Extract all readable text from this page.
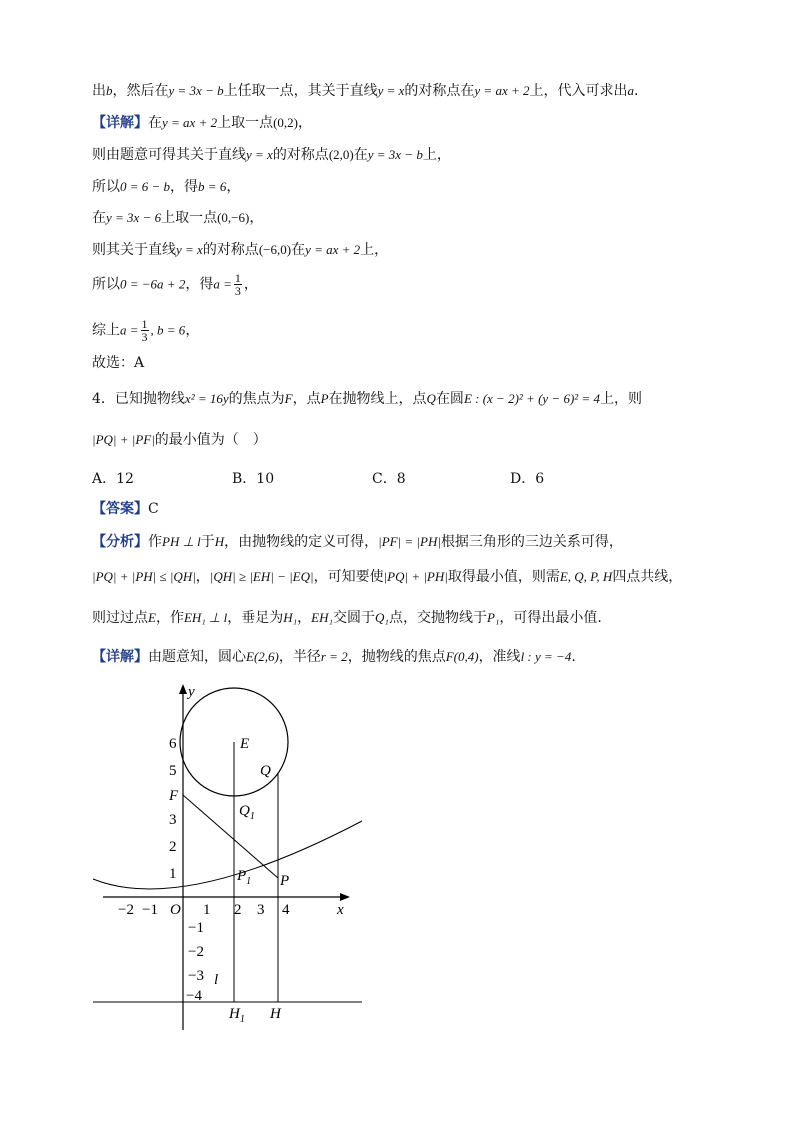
出b，然后在y = 3x − b上任取一点，其关于直线y = x的对称点在y = ax + 2上，代入可求出a.
【详解】在y = ax + 2上取一点(0,2)，
则由题意可得其关于直线y = x的对称点(2,0)在y = 3x − b上，
所以0 = 6 − b，得b = 6，
在y = 3x − 6上取一点(0,−6)，
则其关于直线y = x的对称点(−6,0)在y = ax + 2上，
所以0 = −6a + 2，得$a = \frac{1}{3}$ ，
综上$a = \frac{1}{3}$ , b = 6，
故选：A
4．已知抛物线x² = 16y的焦点为F，点P在抛物线上，点Q在圆E : (x − 2)² + (y − 6)² = 4上，则
|PQ| + |PF|的最小值为（　）
A．12	B．10	C．8	D．6
【答案】C
【分析】作PH ⊥ l于H，由抛物线的定义可得，|PF| = |PH|根据三角形的三边关系可得，
|PQ| + |PH| ≤ |QH|，|QH| ≥ |EH| − |EQ|，可知要使|PQ| + |PH|取得最小值，则需E, Q, P, H四点共线，
则过过点E，作EH₁ ⊥ l，垂足为H₁，EH₁交圆于Q₁点，交抛物线于P₁，可得出最小值.
【详解】由题意知，圆心E(2,6)，半径r = 2，抛物线的焦点F(0,4)，准线l : y = −4.
y
x
O
−2 −1	1 2 3 4
1
2
3
5
6
−1
−2
−3
−4
E
Q
F
$Q_1$
$P_1$ P
l
$H_1$ H
